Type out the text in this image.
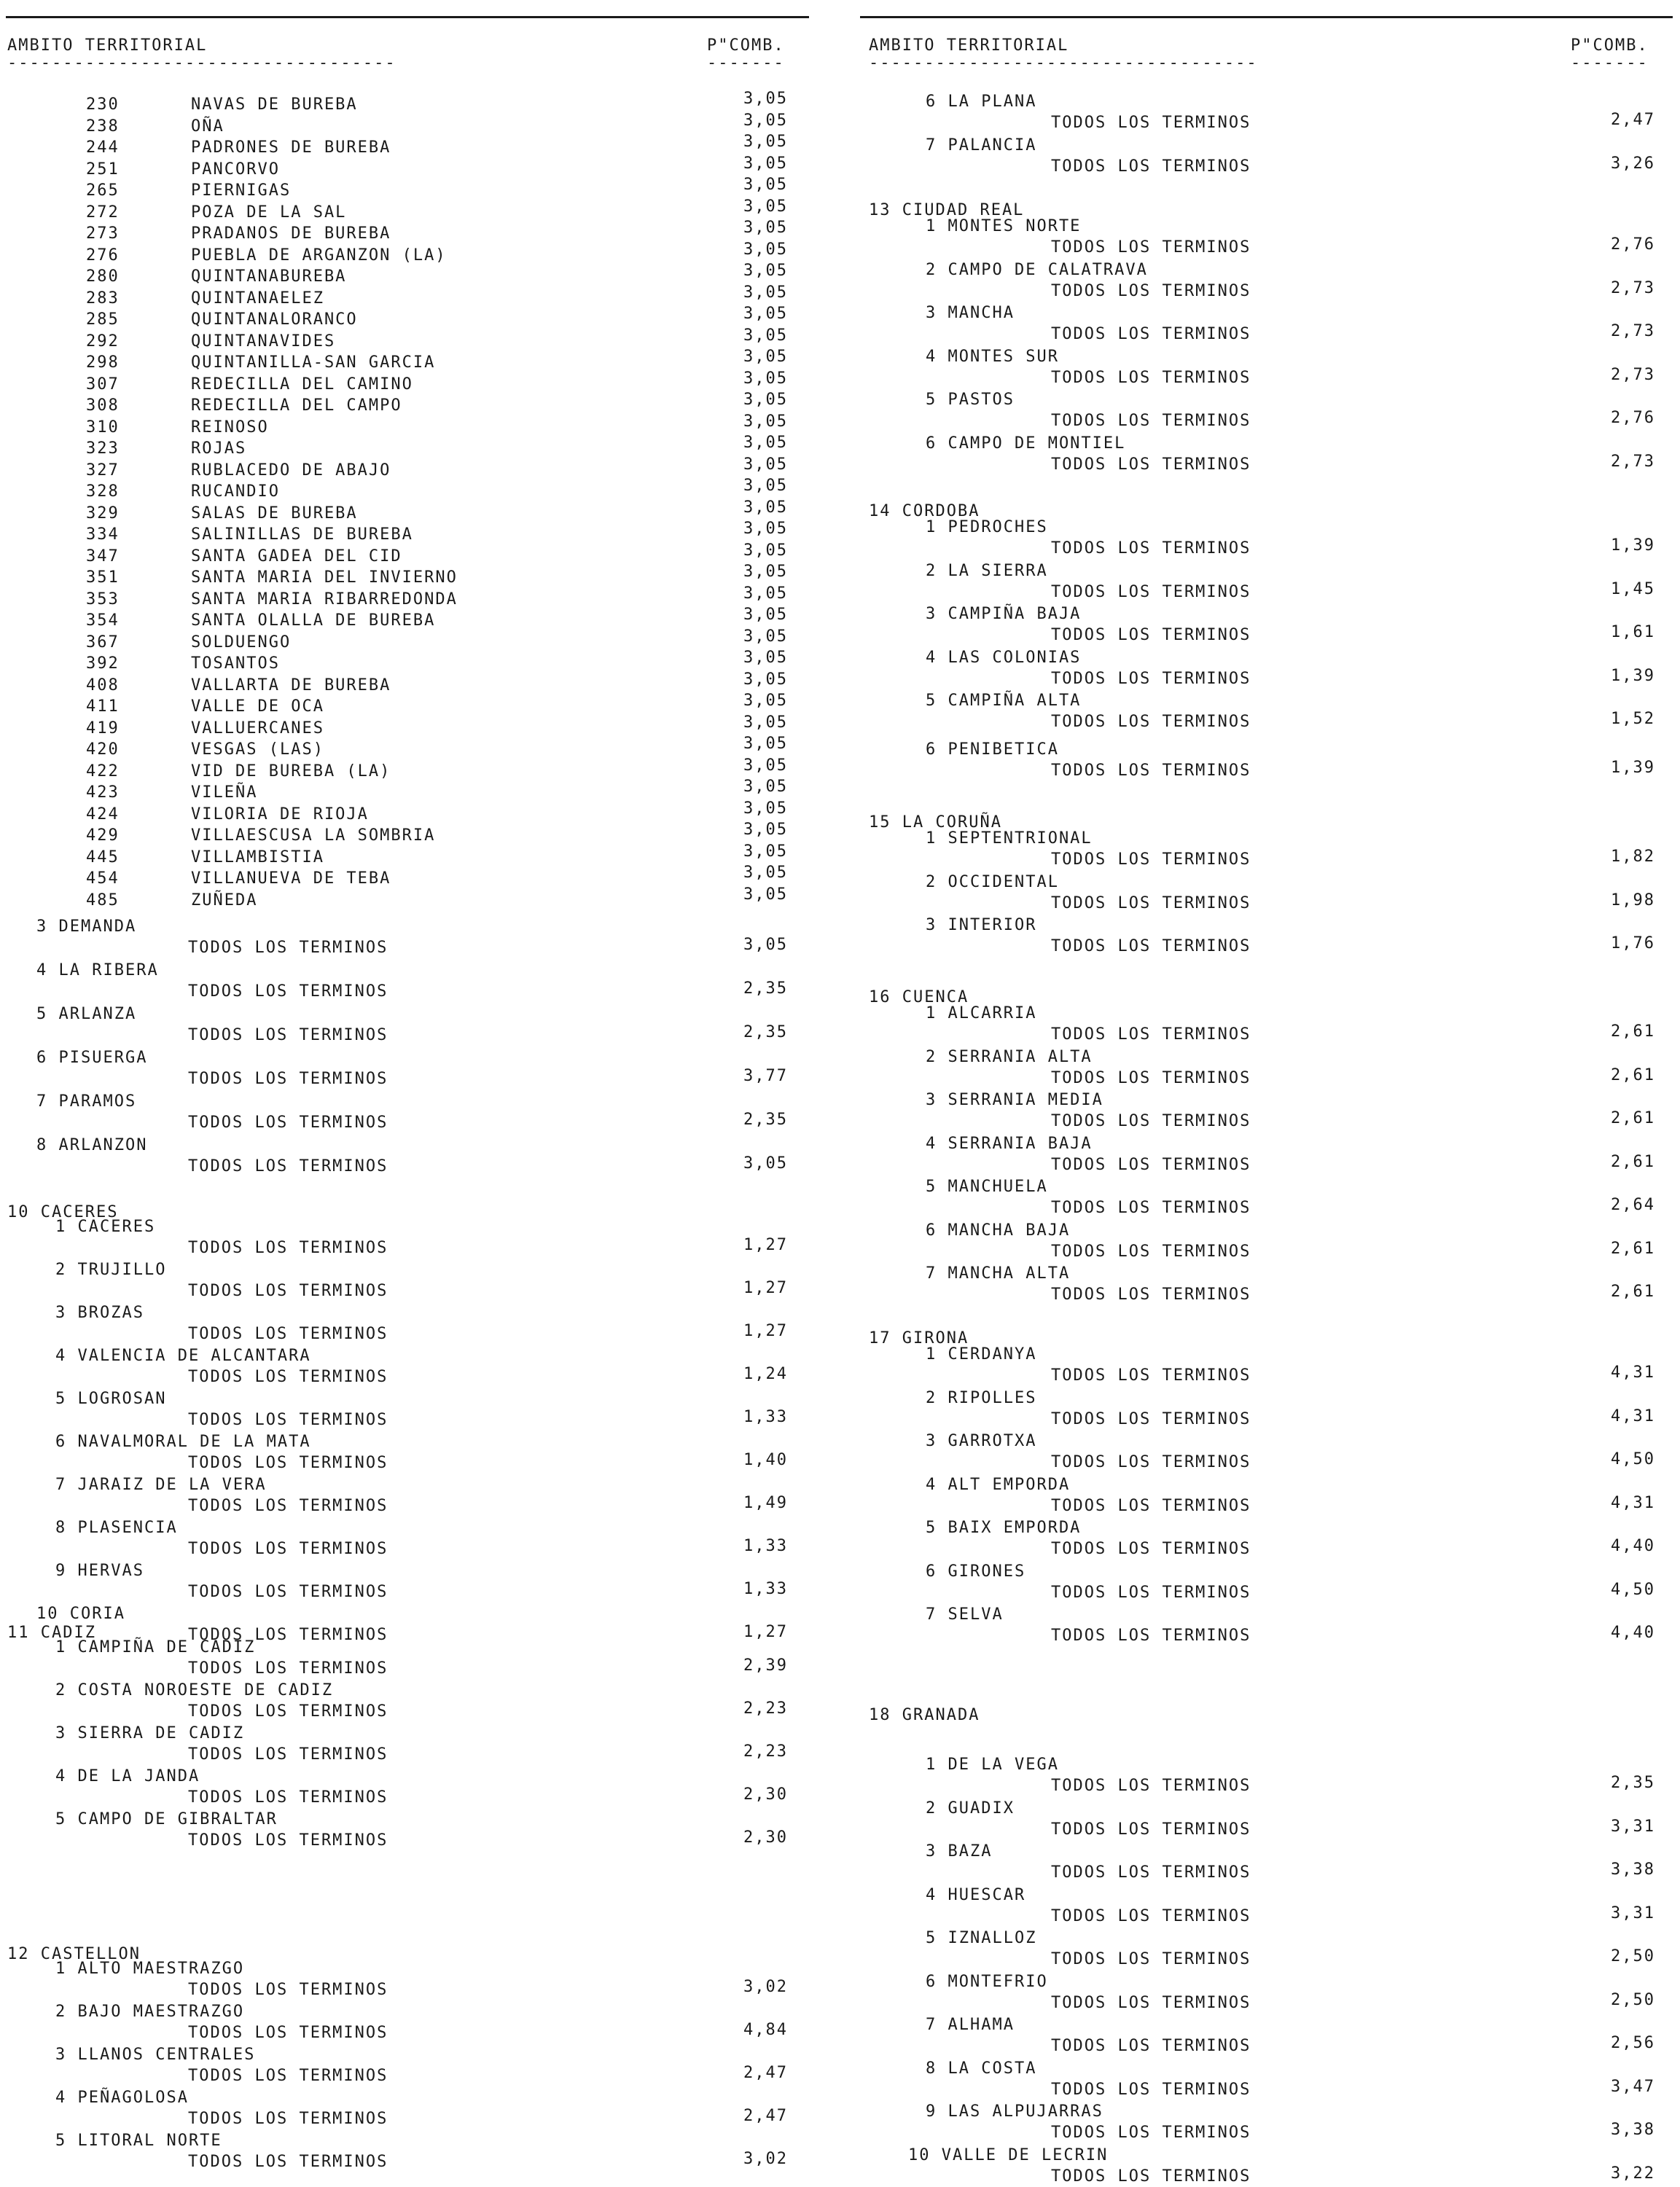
AMBITO TERRITORIAL
-----------------------------------
P"COMB.
-------
230	NAVAS DE BUREBA	3,05
238	OÑA	3,05
244	PADRONES DE BUREBA	3,05
251	PANCORVO	3,05
265	PIERNIGAS	3,05
272	POZA DE LA SAL	3,05
273	PRADANOS DE BUREBA	3,05
276	PUEBLA DE ARGANZON (LA)	3,05
280	QUINTANABUREBA	3,05
283	QUINTANAELEZ	3,05
285	QUINTANALORANCO	3,05
292	QUINTANAVIDES	3,05
298	QUINTANILLA-SAN GARCIA	3,05
307	REDECILLA DEL CAMINO	3,05
308	REDECILLA DEL CAMPO	3,05
310	REINOSO	3,05
323	ROJAS	3,05
327	RUBLACEDO DE ABAJO	3,05
328	RUCANDIO	3,05
329	SALAS DE BUREBA	3,05
334	SALINILLAS DE BUREBA	3,05
347	SANTA GADEA DEL CID	3,05
351	SANTA MARIA DEL INVIERNO	3,05
353	SANTA MARIA RIBARREDONDA	3,05
354	SANTA OLALLA DE BUREBA	3,05
367	SOLDUENGO	3,05
392	TOSANTOS	3,05
408	VALLARTA DE BUREBA	3,05
411	VALLE DE OCA	3,05
419	VALLUERCANES	3,05
420	VESGAS (LAS)	3,05
422	VID DE BUREBA (LA)	3,05
423	VILEÑA	3,05
424	VILORIA DE RIOJA	3,05
429	VILLAESCUSA LA SOMBRIA	3,05
445	VILLAMBISTIA	3,05
454	VILLANUEVA DE TEBA	3,05
485	ZUÑEDA	3,05
3 DEMANDA
TODOS LOS TERMINOS	3,05
4 LA RIBERA
TODOS LOS TERMINOS	2,35
5 ARLANZA
TODOS LOS TERMINOS	2,35
6 PISUERGA
TODOS LOS TERMINOS	3,77
7 PARAMOS
TODOS LOS TERMINOS	2,35
8 ARLANZON
TODOS LOS TERMINOS	3,05
10 CACERES
1 CACERES
TODOS LOS TERMINOS	1,27
2 TRUJILLO
TODOS LOS TERMINOS	1,27
3 BROZAS
TODOS LOS TERMINOS	1,27
4 VALENCIA DE ALCANTARA
TODOS LOS TERMINOS	1,24
5 LOGROSAN
TODOS LOS TERMINOS	1,33
6 NAVALMORAL DE LA MATA
TODOS LOS TERMINOS	1,40
7 JARAIZ DE LA VERA
TODOS LOS TERMINOS	1,49
8 PLASENCIA
TODOS LOS TERMINOS	1,33
9 HERVAS
TODOS LOS TERMINOS	1,33
10 CORIA
TODOS LOS TERMINOS	1,27
11 CADIZ
1 CAMPIÑA DE CADIZ
TODOS LOS TERMINOS	2,39
2 COSTA NOROESTE DE CADIZ
TODOS LOS TERMINOS	2,23
3 SIERRA DE CADIZ
TODOS LOS TERMINOS	2,23
4 DE LA JANDA
TODOS LOS TERMINOS	2,30
5 CAMPO DE GIBRALTAR
TODOS LOS TERMINOS	2,30
12 CASTELLON
1 ALTO MAESTRAZGO
TODOS LOS TERMINOS	3,02
2 BAJO MAESTRAZGO
TODOS LOS TERMINOS	4,84
3 LLANOS CENTRALES
TODOS LOS TERMINOS	2,47
4 PEÑAGOLOSA
TODOS LOS TERMINOS	2,47
5 LITORAL NORTE
TODOS LOS TERMINOS	3,02
AMBITO TERRITORIAL
-----------------------------------
P"COMB.
-------
6 LA PLANA
TODOS LOS TERMINOS	2,47
7 PALANCIA
TODOS LOS TERMINOS	3,26
13 CIUDAD REAL
1 MONTES NORTE
TODOS LOS TERMINOS	2,76
2 CAMPO DE CALATRAVA
TODOS LOS TERMINOS	2,73
3 MANCHA
TODOS LOS TERMINOS	2,73
4 MONTES SUR
TODOS LOS TERMINOS	2,73
5 PASTOS
TODOS LOS TERMINOS	2,76
6 CAMPO DE MONTIEL
TODOS LOS TERMINOS	2,73
14 CORDOBA
1 PEDROCHES
TODOS LOS TERMINOS	1,39
2 LA SIERRA
TODOS LOS TERMINOS	1,45
3 CAMPIÑA BAJA
TODOS LOS TERMINOS	1,61
4 LAS COLONIAS
TODOS LOS TERMINOS	1,39
5 CAMPIÑA ALTA
TODOS LOS TERMINOS	1,52
6 PENIBETICA
TODOS LOS TERMINOS	1,39
15 LA CORUÑA
1 SEPTENTRIONAL
TODOS LOS TERMINOS	1,82
2 OCCIDENTAL
TODOS LOS TERMINOS	1,98
3 INTERIOR
TODOS LOS TERMINOS	1,76
16 CUENCA
1 ALCARRIA
TODOS LOS TERMINOS	2,61
2 SERRANIA ALTA
TODOS LOS TERMINOS	2,61
3 SERRANIA MEDIA
TODOS LOS TERMINOS	2,61
4 SERRANIA BAJA
TODOS LOS TERMINOS	2,61
5 MANCHUELA
TODOS LOS TERMINOS	2,64
6 MANCHA BAJA
TODOS LOS TERMINOS	2,61
7 MANCHA ALTA
TODOS LOS TERMINOS	2,61
17 GIRONA
1 CERDANYA
TODOS LOS TERMINOS	4,31
2 RIPOLLES
TODOS LOS TERMINOS	4,31
3 GARROTXA
TODOS LOS TERMINOS	4,50
4 ALT EMPORDA
TODOS LOS TERMINOS	4,31
5 BAIX EMPORDA
TODOS LOS TERMINOS	4,40
6 GIRONES
TODOS LOS TERMINOS	4,50
7 SELVA
TODOS LOS TERMINOS	4,40
18 GRANADA
1 DE LA VEGA
TODOS LOS TERMINOS	2,35
2 GUADIX
TODOS LOS TERMINOS	3,31
3 BAZA
TODOS LOS TERMINOS	3,38
4 HUESCAR
TODOS LOS TERMINOS	3,31
5 IZNALLOZ
TODOS LOS TERMINOS	2,50
6 MONTEFRIO
TODOS LOS TERMINOS	2,50
7 ALHAMA
TODOS LOS TERMINOS	2,56
8 LA COSTA
TODOS LOS TERMINOS	3,47
9 LAS ALPUJARRAS
TODOS LOS TERMINOS	3,38
10 VALLE DE LECRIN
TODOS LOS TERMINOS	3,22
